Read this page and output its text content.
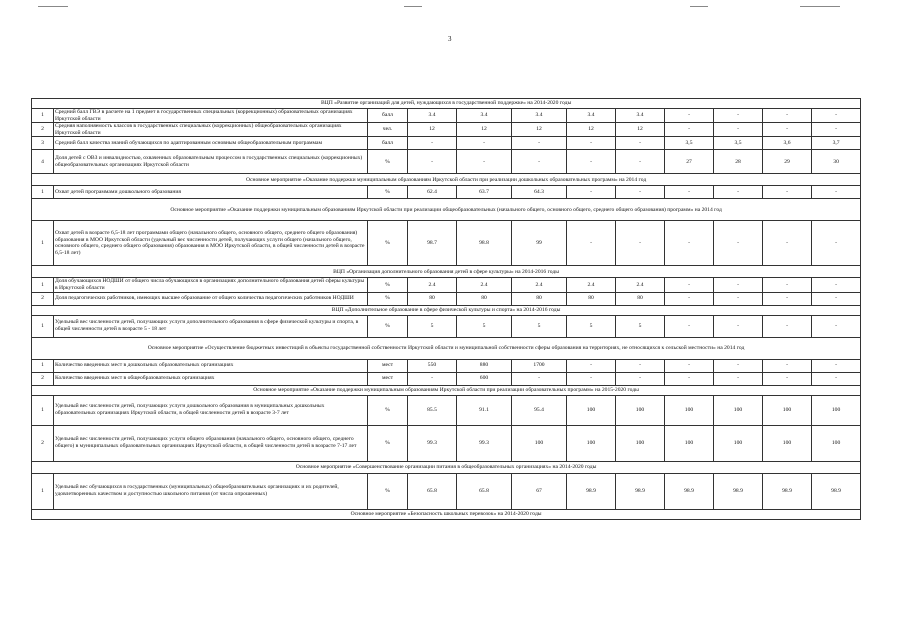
3
ВЦП «Развитие организаций для детей, нуждающихся в государственной поддержке» на 2014-2020 годы											
1	Средний балл ГВЭ в расчете на 1 предмет в государственных специальных (коррекционных) образовательных организациях Иркутской области	балл	3.4	3.4	3.4	3.4	3.4	-	-	-	-
2	Средняя наполняемость классов в государственных специальных (коррекционных) общеобразовательных организациях Иркутской области	чел.	12	12	12	12	12	-	-	-	-
3	Средний балл качества знаний обучающихся по адаптированным основным общеобразовательным программам	балл	-	-	-	-	-	3,5	3,5	3,6	3,7
4	Доля детей с ОВЗ и инвалидностью, охваченных образовательным процессом в государственных специальных (коррекционных) общеобразовательных организациях Иркутской области	%	-	-	-	-	-	27	28	29	30
Основное мероприятие «Оказание поддержки муниципальным образованиям Иркутской области при реализации дошкольных образовательных программ» на 2014 год											
1	Охват детей программами дошкольного образования	%	62.4	63.7	64.3	-	-	-	-	-	-
Основное мероприятие «Оказание поддержки муниципальным образованиям Иркутской области при реализации общеобразовательных (начального общего, основного общего, среднего общего образования) программ» на 2014 год											
1	Охват детей в возрасте 6,5-18 лет программами общего (начального общего, основного общего, среднего общего образования) образования в МОО Иркутской области (удельный вес численности детей, получающих услуги общего (начального общего, основного общего, среднего общего образования) образования в МОО Иркутской области, в общей численности детей в возрасте 6,5-18 лет)	%	98.7	98.8	99	-	-	-	-	-	-
ВЦП «Организация дополнительного образования детей в сфере культуры» на 2014-2016 годы											
1	Доля обучающихся НОДШИ от общего числа обучающихся в организациях дополнительного образования детей сферы культуры в Иркутской области	%	2.4	2.4	2.4	2.4	2.4	-	-	-	-
2	Доля педагогических работников, имеющих высшее образование от общего количества педагогических работников НОДШИ	%	80	80	80	80	80	-	-	-	-
ВЦП «Дополнительное образование в сфере физической культуры и спорта» на 2014-2016 годы											
1	Удельный вес численности детей, получающих услуги дополнительного образования в сфере физической культуры и спорта, в общей численности детей в возрасте 5 - 18 лет	%	5	5	5	5	5	-	-	-	-
Основное мероприятие «Осуществление бюджетных инвестиций в объекты государственной собственности Иркутской области и муниципальной собственности сферы образования на территориях, не относящихся к сельской местности» на 2014 год											
1	Количество введенных мест в дошкольных образовательных организациях	мест	550	880	1700	-	-	-	-	-	-
2	Количество введенных мест в общеобразовательных организациях	мест	-	600	-	-	-	-	-	-	-
Основное мероприятие «Оказание поддержки муниципальным образованиям Иркутской области при реализации образовательных программ» на 2015-2020 годы											
1	Удельный вес численности детей, получающих услуги дошкольного образования в муниципальных дошкольных образовательных организациях Иркутской области, в общей численности детей в возрасте 3-7 лет	%	85.5	91.1	95.4	100	100	100	100	100	100
2	Удельный вес численности детей, получающих услуги общего образования (начального общего, основного общего, среднего общего) в муниципальных образовательных организациях Иркутской области, в общей численности детей в возрасте 7-17 лет	%	99.3	99.3	100	100	100	100	100	100	100
Основное мероприятие «Совершенствование организации питания в общеобразовательных организациях» на 2014-2020 годы											
1	Удельный вес обучающихся в государственных (муниципальных) общеобразовательных организациях и их родителей, удовлетворенных качеством и доступностью школьного питания (от числа опрошенных)	%	65.8	65.8	67	98.9	98.9	98.9	98.9	98.9	98.9
Основное мероприятие «Безопасность школьных перевозок» на 2014-2020 годы											
